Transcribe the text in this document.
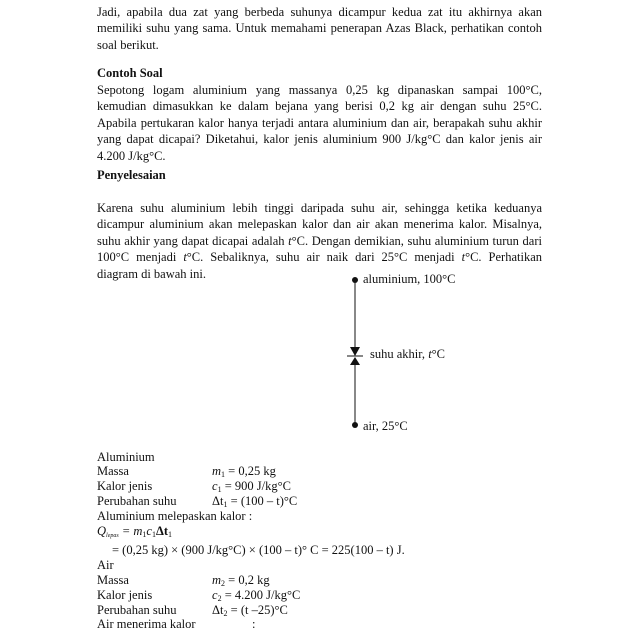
Jadi, apabila dua zat yang berbeda suhunya dicampur kedua zat itu akhirnya akan memiliki suhu yang sama. Untuk memahami penerapan Azas Black, perhatikan contoh soal berikut.

Contoh Soal

Sepotong logam aluminium yang massanya 0,25 kg dipanaskan sampai 100°C, kemudian dimasukkan ke dalam bejana yang berisi 0,2 kg air dengan suhu 25°C. Apabila pertukaran kalor hanya terjadi antara aluminium dan air, berapakah suhu akhir yang dapat dicapai? Diketahui, kalor jenis aluminium 900 J/kg°C dan kalor jenis air 4.200 J/kg°C.

Penyelesaian

Karena suhu aluminium lebih tinggi daripada suhu air, sehingga ketika keduanya dicampur aluminium akan melepaskan kalor dan air akan menerima kalor. Misalnya, suhu akhir yang dapat dicapai adalah t°C. Dengan demikian, suhu aluminium turun dari 100°C menjadi t°C. Sebaliknya, suhu air naik dari 25°C menjadi t°C. Perhatikan diagram di bawah ini.	aluminium, 100°C
suhu akhir, t°C
air, 25°C
Aluminium
Massa	$m_1 = 0,25$ kg
Kalor jenis	$c_1 = 900$ J/kg°C
Perubahan suhu	$\Delta t_1 = (100 - t)^\circ C$
Aluminium melepaskan kalor :
Qlepas = $m_1c_1\Delta t_1$
= (0,25 kg) × (900 J/kg°C) × (100 – t)° C = 225(100 – t) J.
Air
Massa	$m_2 = 0,2$ kg
Kalor jenis	$c_2 = 4.200$ J/kg°C
Perubahan suhu	$\Delta t_2 = (t$ –25)°C
Air menerima kalor	:
